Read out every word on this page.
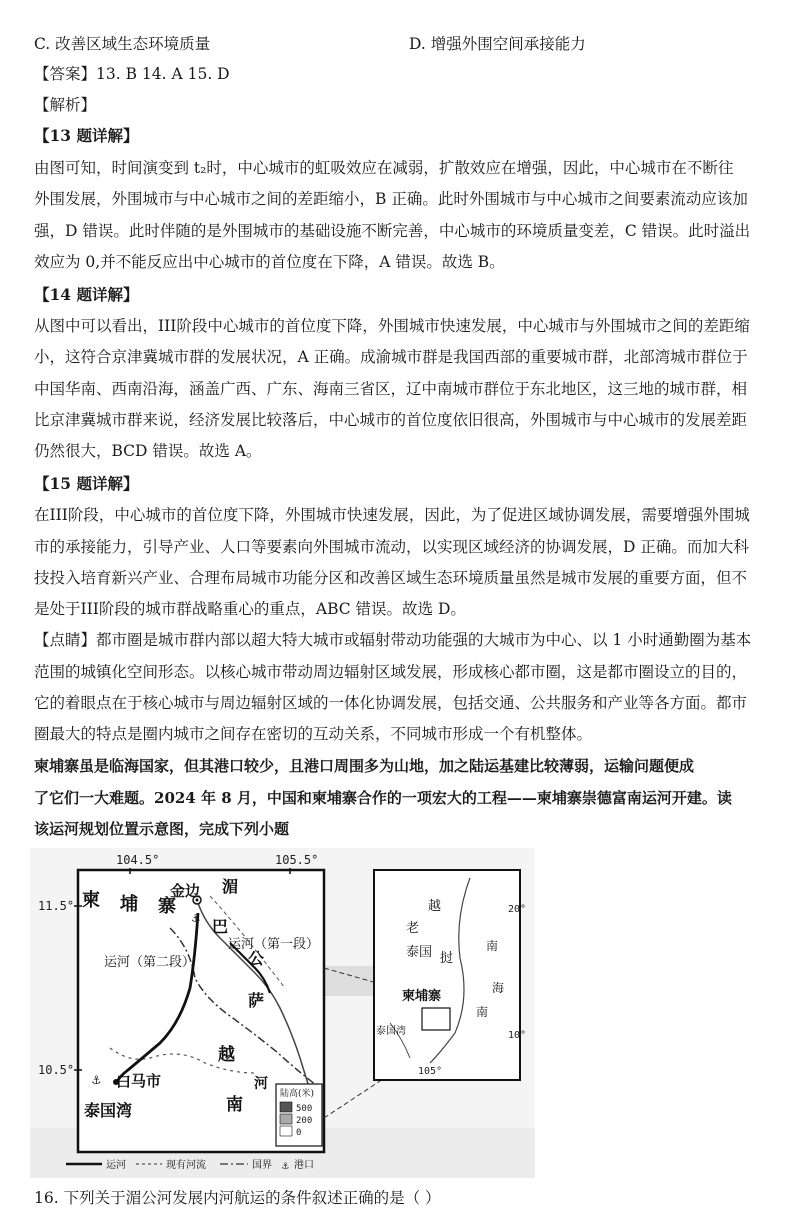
C. 改善区域生态环境质量	D. 增强外围空间承接能力
【答案】13. B 14. A 15. D
【解析】
【13 题详解】
由图可知，时间演变到 t₂时，中心城市的虹吸效应在减弱，扩散效应在增强，因此，中心城市在不断往
外围发展，外围城市与中心城市之间的差距缩小，B 正确。此时外围城市与中心城市之间要素流动应该加
强，D 错误。此时伴随的是外围城市的基础设施不断完善，中心城市的环境质量变差，C 错误。此时溢出
效应为 0,并不能反应出中心城市的首位度在下降，A 错误。故选 B。
【14 题详解】
从图中可以看出，III阶段中心城市的首位度下降，外围城市快速发展，中心城市与外围城市之间的差距缩
小，这符合京津冀城市群的发展状况，A 正确。成渝城市群是我国西部的重要城市群，北部湾城市群位于
中国华南、西南沿海，涵盖广西、广东、海南三省区，辽中南城市群位于东北地区，这三地的城市群，相
比京津冀城市群来说，经济发展比较落后，中心城市的首位度依旧很高，外围城市与中心城市的发展差距
仍然很大，BCD 错误。故选 A。
【15 题详解】
在III阶段，中心城市的首位度下降，外围城市快速发展，因此，为了促进区域协调发展，需要增强外围城
市的承接能力，引导产业、人口等要素向外围城市流动，以实现区域经济的协调发展，D 正确。而加大科
技投入培育新兴产业、合理布局城市功能分区和改善区域生态环境质量虽然是城市发展的重要方面，但不
是处于III阶段的城市群战略重心的重点，ABC 错误。故选 D。
【点睛】都市圈是城市群内部以超大特大城市或辐射带动功能强的大城市为中心、以 1 小时通勤圈为基本
范围的城镇化空间形态。以核心城市带动周边辐射区域发展，形成核心都市圈，这是都市圈设立的目的，
它的着眼点在于核心城市与周边辐射区域的一体化协调发展，包括交通、公共服务和产业等各方面。都市
圈最大的特点是圈内城市之间存在密切的互动关系，不同城市形成一个有机整体。
柬埔寨虽是临海国家，但其港口较少，且港口周围多为山地，加之陆运基建比较薄弱，运输问题便成
了它们一大难题。2024 年 8 月，中国和柬埔寨合作的一项宏大的工程——柬埔寨崇德富南运河开建。读
该运河规划位置示意图，完成下列小题
104.5°	105.5°
11.5°
10.5°
⚓
⚓
柬 埔 寨
金边 湄
巴
公
萨
河
运河（第一段）
运河（第二段）
越
南
白马市
泰国湾
陆高(米)
500
200
0
20°
10°
105°
越
老
泰国 挝
南
柬埔寨
泰国湾
南
海
运河	现有河流	国界 ⚓ 港口
16. 下列关于湄公河发展内河航运的条件叙述正确的是（ ）
